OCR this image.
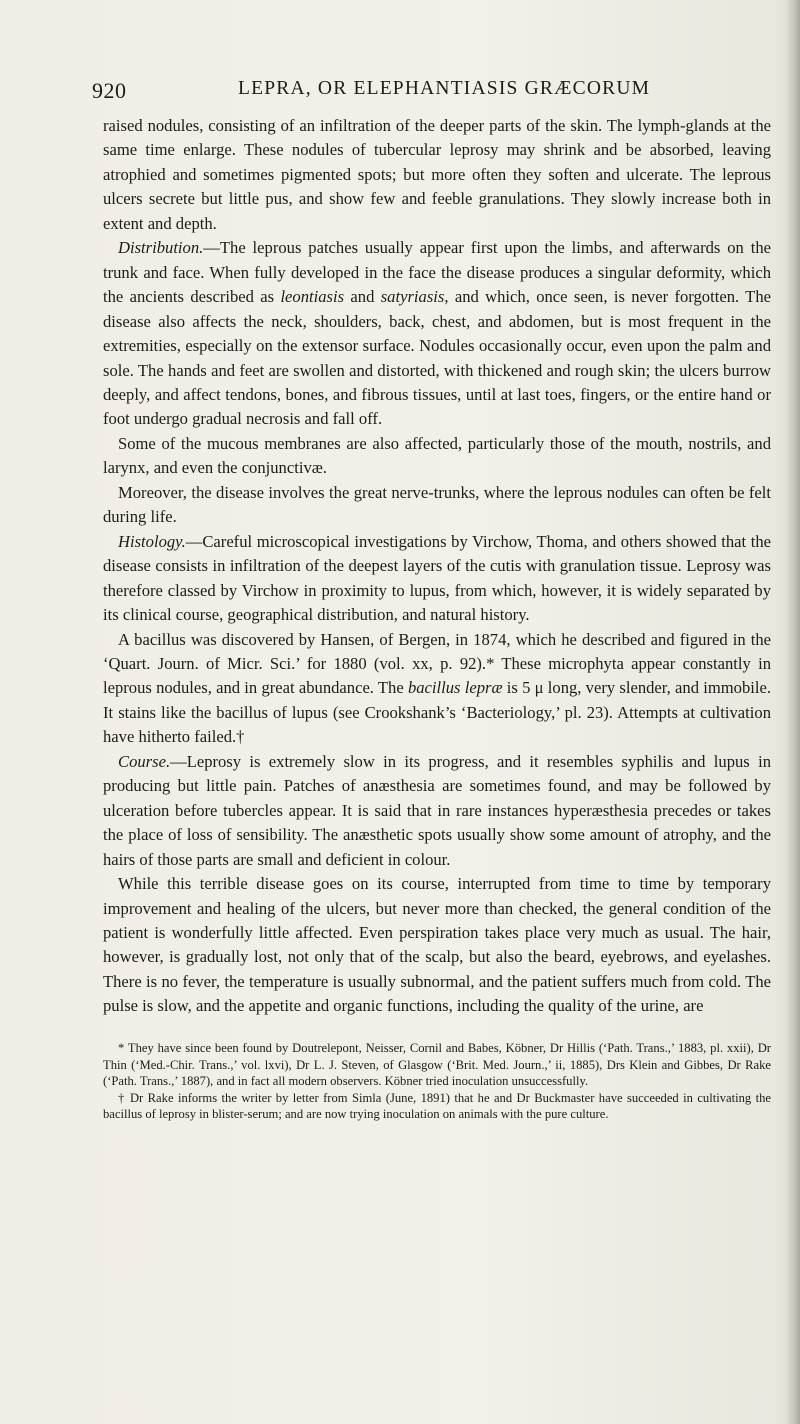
920	LEPRA, OR ELEPHANTIASIS GRÆCORUM

raised nodules, consisting of an infiltration of the deeper parts of the skin. The lymph-glands at the same time enlarge. These nodules of tubercular leprosy may shrink and be absorbed, leaving atrophied and sometimes pigmented spots; but more often they soften and ulcerate. The leprous ulcers secrete but little pus, and show few and feeble granulations. They slowly increase both in extent and depth.

Distribution.—The leprous patches usually appear first upon the limbs, and afterwards on the trunk and face. When fully developed in the face the disease produces a singular deformity, which the ancients described as leontiasis and satyriasis, and which, once seen, is never forgotten. The disease also affects the neck, shoulders, back, chest, and abdomen, but is most frequent in the extremities, especially on the extensor surface. Nodules occasionally occur, even upon the palm and sole. The hands and feet are swollen and distorted, with thickened and rough skin; the ulcers burrow deeply, and affect tendons, bones, and fibrous tissues, until at last toes, fingers, or the entire hand or foot undergo gradual necrosis and fall off.

Some of the mucous membranes are also affected, particularly those of the mouth, nostrils, and larynx, and even the conjunctivæ.

Moreover, the disease involves the great nerve-trunks, where the leprous nodules can often be felt during life.

Histology.—Careful microscopical investigations by Virchow, Thoma, and others showed that the disease consists in infiltration of the deepest layers of the cutis with granulation tissue. Leprosy was therefore classed by Virchow in proximity to lupus, from which, however, it is widely separated by its clinical course, geographical distribution, and natural history.

A bacillus was discovered by Hansen, of Bergen, in 1874, which he described and figured in the ‘Quart. Journ. of Micr. Sci.’ for 1880 (vol. xx, p. 92).* These microphyta appear constantly in leprous nodules, and in great abundance. The bacillus lepræ is 5 μ long, very slender, and immobile. It stains like the bacillus of lupus (see Crookshank’s ‘Bacteriology,’ pl. 23). Attempts at cultivation have hitherto failed.†

Course.—Leprosy is extremely slow in its progress, and it resembles syphilis and lupus in producing but little pain. Patches of anæsthesia are sometimes found, and may be followed by ulceration before tubercles appear. It is said that in rare instances hyperæsthesia precedes or takes the place of loss of sensibility. The anæsthetic spots usually show some amount of atrophy, and the hairs of those parts are small and deficient in colour.

While this terrible disease goes on its course, interrupted from time to time by temporary improvement and healing of the ulcers, but never more than checked, the general condition of the patient is wonderfully little affected. Even perspiration takes place very much as usual. The hair, however, is gradually lost, not only that of the scalp, but also the beard, eyebrows, and eyelashes. There is no fever, the temperature is usually subnormal, and the patient suffers much from cold. The pulse is slow, and the appetite and organic functions, including the quality of the urine, are

* They have since been found by Doutrelepont, Neisser, Cornil and Babes, Köbner, Dr Hillis (‘Path. Trans.,’ 1883, pl. xxii), Dr Thin (‘Med.-Chir. Trans.,’ vol. lxvi), Dr L. J. Steven, of Glasgow (‘Brit. Med. Journ.,’ ii, 1885), Drs Klein and Gibbes, Dr Rake (‘Path. Trans.,’ 1887), and in fact all modern observers. Köbner tried inoculation unsuccessfully.

† Dr Rake informs the writer by letter from Simla (June, 1891) that he and Dr Buckmaster have succeeded in cultivating the bacillus of leprosy in blister-serum; and are now trying inoculation on animals with the pure culture.
